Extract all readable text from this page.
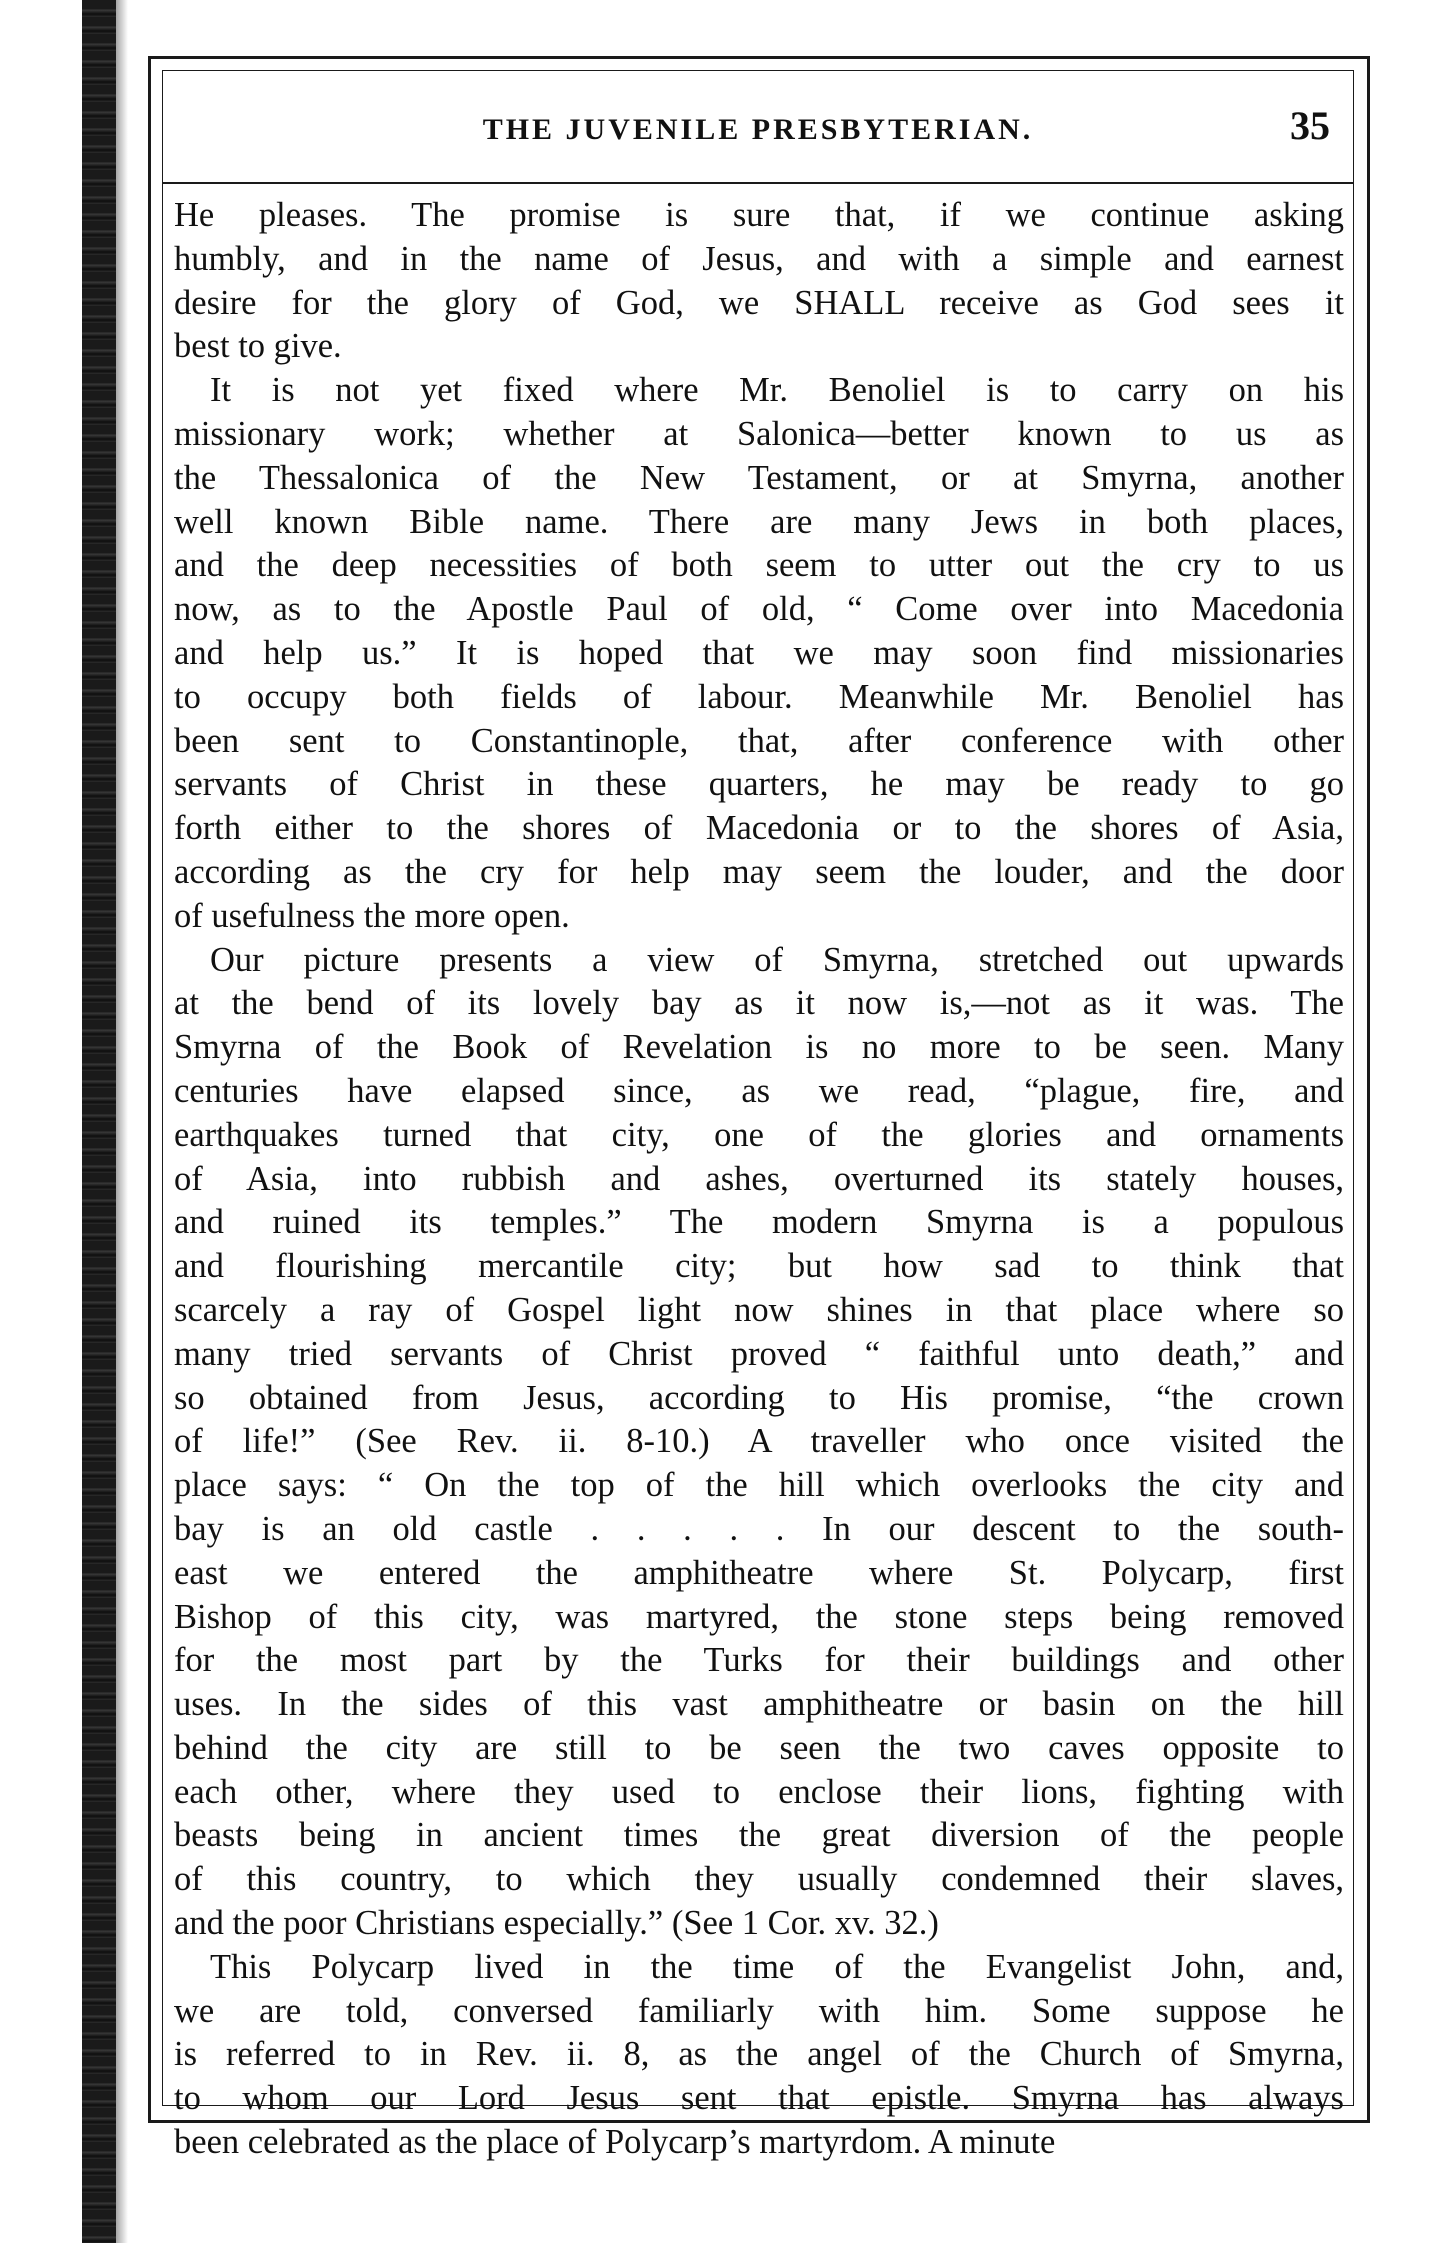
THE JUVENILE PRESBYTERIAN.	35
He pleases. The promise is sure that, if we continue asking
humbly, and in the name of Jesus, and with a simple and earnest
desire for the glory of God, we SHALL receive as God sees it
best to give.
It is not yet fixed where Mr. Benoliel is to carry on his
missionary work; whether at Salonica—better known to us as
the Thessalonica of the New Testament, or at Smyrna, another
well known Bible name. There are many Jews in both places,
and the deep necessities of both seem to utter out the cry to us
now, as to the Apostle Paul of old, “ Come over into Macedonia
and help us.” It is hoped that we may soon find missionaries
to occupy both fields of labour. Meanwhile Mr. Benoliel has
been sent to Constantinople, that, after conference with other
servants of Christ in these quarters, he may be ready to go
forth either to the shores of Macedonia or to the shores of Asia,
according as the cry for help may seem the louder, and the door
of usefulness the more open.
Our picture presents a view of Smyrna, stretched out upwards
at the bend of its lovely bay as it now is,—not as it was. The
Smyrna of the Book of Revelation is no more to be seen. Many
centuries have elapsed since, as we read, “plague, fire, and
earthquakes turned that city, one of the glories and ornaments
of Asia, into rubbish and ashes, overturned its stately houses,
and ruined its temples.” The modern Smyrna is a populous
and flourishing mercantile city; but how sad to think that
scarcely a ray of Gospel light now shines in that place where so
many tried servants of Christ proved “ faithful unto death,” and
so obtained from Jesus, according to His promise, “the crown
of life!” (See Rev. ii. 8-10.) A traveller who once visited the
place says: “ On the top of the hill which overlooks the city and
bay is an old castle . . . . . In our descent to the south-
east we entered the amphitheatre where St. Polycarp, first
Bishop of this city, was martyred, the stone steps being removed
for the most part by the Turks for their buildings and other
uses. In the sides of this vast amphitheatre or basin on the hill
behind the city are still to be seen the two caves opposite to
each other, where they used to enclose their lions, fighting with
beasts being in ancient times the great diversion of the people
of this country, to which they usually condemned their slaves,
and the poor Christians especially.” (See 1 Cor. xv. 32.)
This Polycarp lived in the time of the Evangelist John, and,
we are told, conversed familiarly with him. Some suppose he
is referred to in Rev. ii. 8, as the angel of the Church of Smyrna,
to whom our Lord Jesus sent that epistle. Smyrna has always
been celebrated as the place of Polycarp’s martyrdom. A minute
